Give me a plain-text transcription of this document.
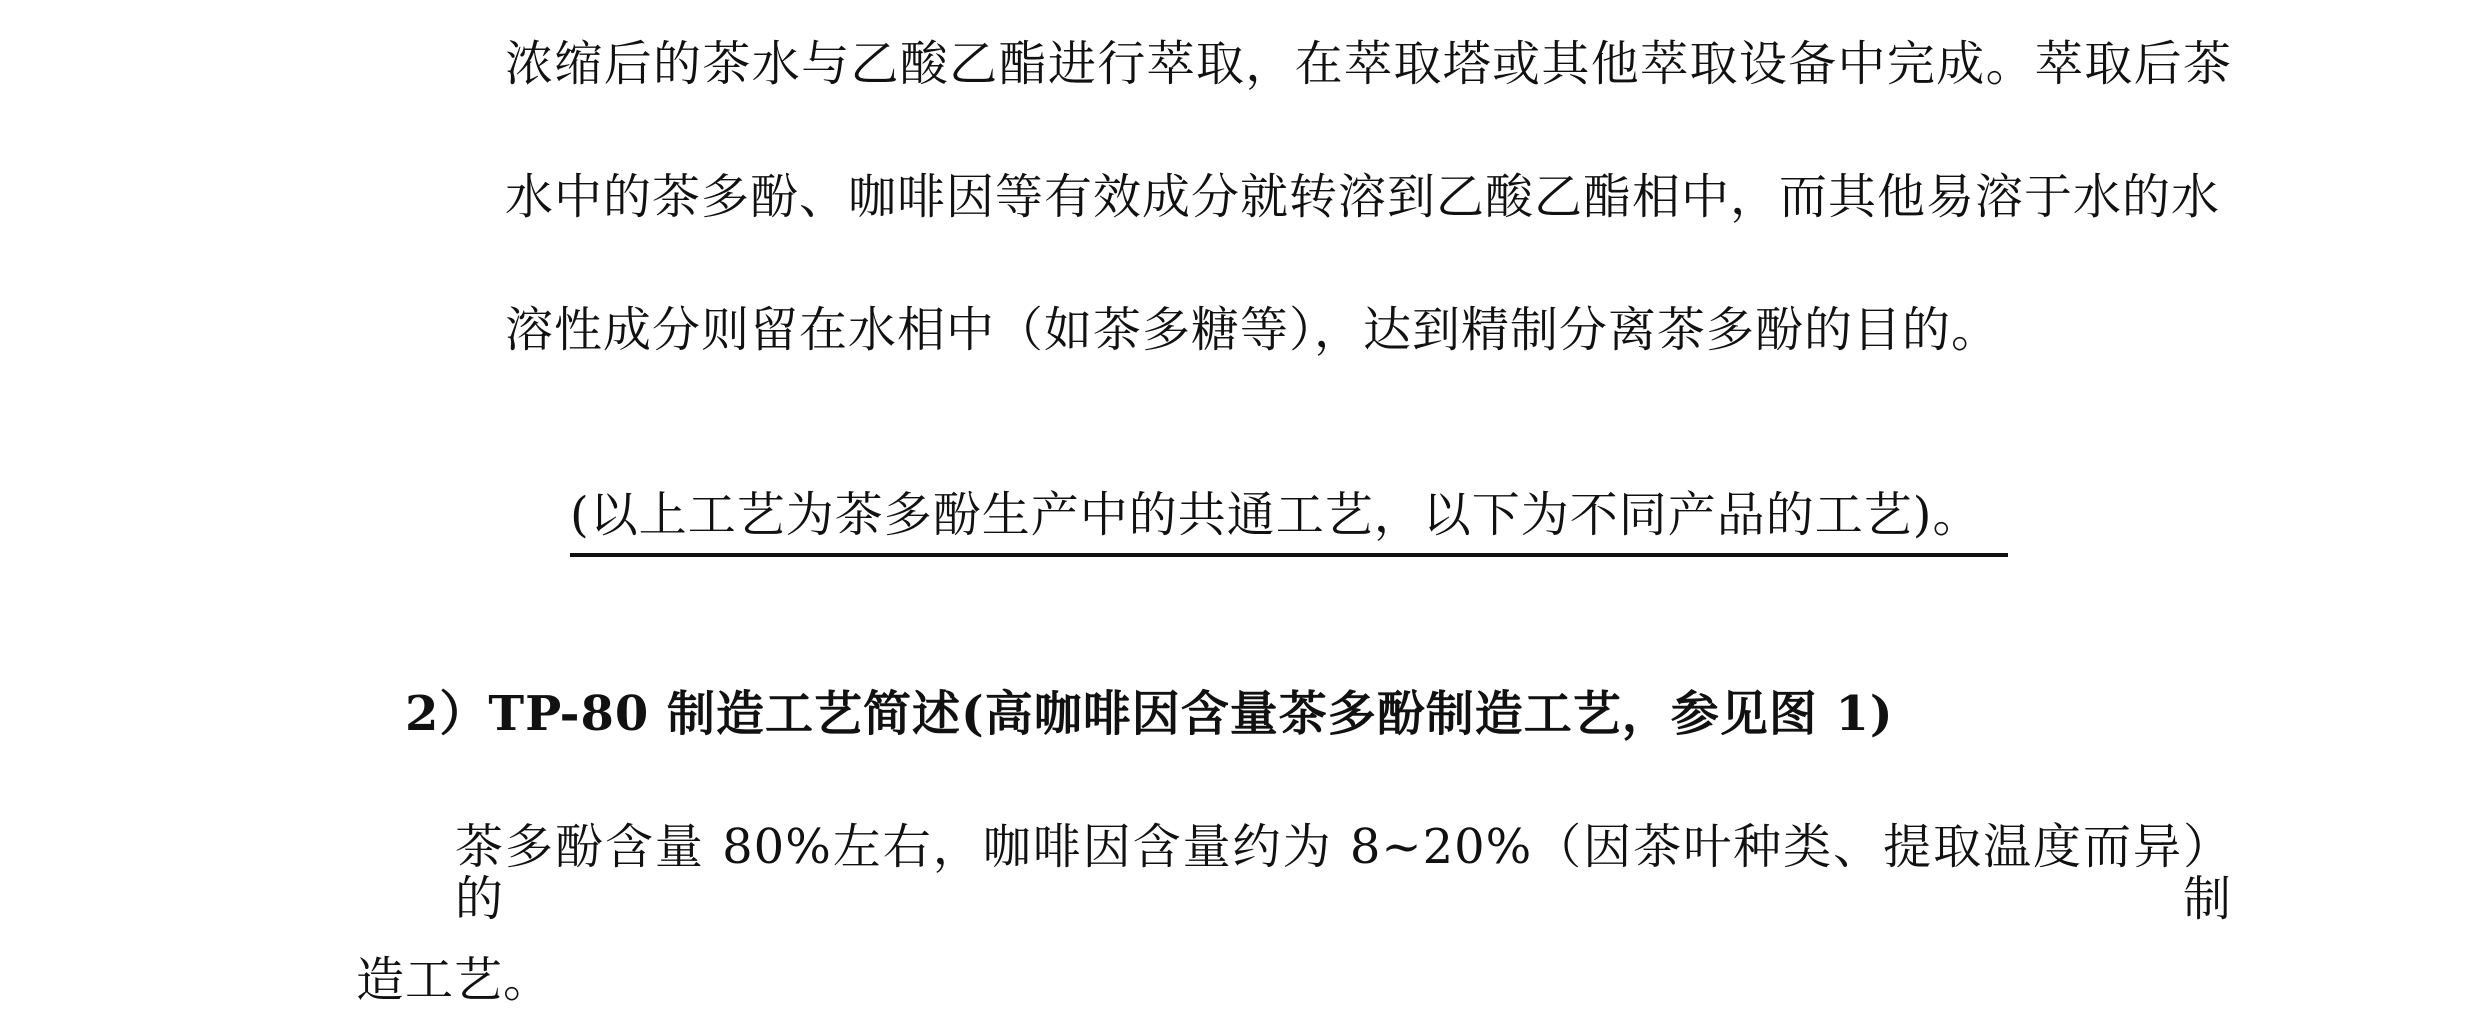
浓缩后的茶水与乙酸乙酯进行萃取，在萃取塔或其他萃取设备中完成。萃取后茶
水中的茶多酚、咖啡因等有效成分就转溶到乙酸乙酯相中，而其他易溶于水的水
溶性成分则留在水相中（如茶多糖等），达到精制分离茶多酚的目的。

(以上工艺为茶多酚生产中的共通工艺，以下为不同产品的工艺)。

2）TP-80 制造工艺简述(高咖啡因含量茶多酚制造工艺，参见图 1)
茶多酚含量 80%左右，咖啡因含量约为 8~20%（因茶叶种类、提取温度而异）的制
造工艺。
